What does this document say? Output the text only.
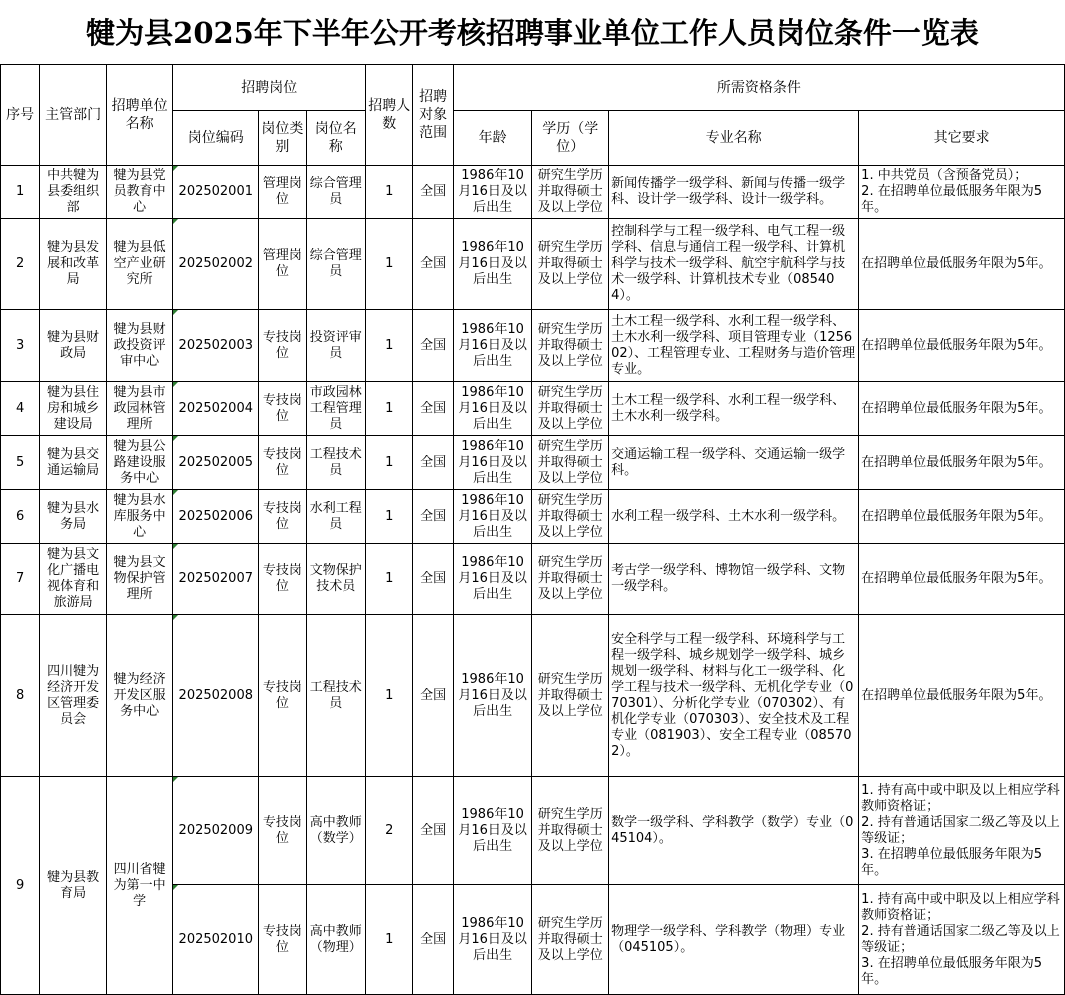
犍为县2025年下半年公开考核招聘事业单位工作人员岗位条件一览表
序号	主管部门	招聘单位名称	招聘岗位			招聘人数	招聘对象范围	所需资格条件			
			岗位编码	岗位类别	岗位名称			年龄	学历（学位）	专业名称	其它要求

1	中共犍为县委组织部	犍为县党员教育中心	202502001	管理岗位	综合管理员	1	全国	1986年10月16日及以后出生	研究生学历并取得硕士及以上学位	新闻传播学一级学科、新闻与传播一级学科、设计学一级学科、设计一级学科。	1. 中共党员（含预备党员）；
2. 在招聘单位最低服务年限为5年。

2	犍为县发展和改革局	犍为县低空产业研究所	202502002	管理岗位	综合管理员	1	全国	1986年10月16日及以后出生	研究生学历并取得硕士及以上学位	控制科学与工程一级学科、电气工程一级学科、信息与通信工程一级学科、计算机科学与技术一级学科、航空宇航科学与技术一级学科、计算机技术专业（085404）。	在招聘单位最低服务年限为5年。

3	犍为县财政局	犍为县财政投资评审中心	202502003	专技岗位	投资评审员	1	全国	1986年10月16日及以后出生	研究生学历并取得硕士及以上学位	土木工程一级学科、水利工程一级学科、土木水利一级学科、项目管理专业（125602）、工程管理专业、工程财务与造价管理专业。	在招聘单位最低服务年限为5年。

4	犍为县住房和城乡建设局	犍为县市政园林管理所	202502004	专技岗位	市政园林工程管理员	1	全国	1986年10月16日及以后出生	研究生学历并取得硕士及以上学位	土木工程一级学科、水利工程一级学科、土木水利一级学科。	在招聘单位最低服务年限为5年。

5	犍为县交通运输局	犍为县公路建设服务中心	202502005	专技岗位	工程技术员	1	全国	1986年10月16日及以后出生	研究生学历并取得硕士及以上学位	交通运输工程一级学科、交通运输一级学科。	在招聘单位最低服务年限为5年。

6	犍为县水务局	犍为县水库服务中心	202502006	专技岗位	水利工程员	1	全国	1986年10月16日及以后出生	研究生学历并取得硕士及以上学位	水利工程一级学科、土木水利一级学科。	在招聘单位最低服务年限为5年。

7	犍为县文化广播电视体育和旅游局	犍为县文物保护管理所	202502007	专技岗位	文物保护技术员	1	全国	1986年10月16日及以后出生	研究生学历并取得硕士及以上学位	考古学一级学科、博物馆一级学科、文物一级学科。	在招聘单位最低服务年限为5年。

8	四川犍为经济开发区管理委员会	犍为经济开发区服务中心	202502008	专技岗位	工程技术员	1	全国	1986年10月16日及以后出生	研究生学历并取得硕士及以上学位	安全科学与工程一级学科、环境科学与工程一级学科、城乡规划学一级学科、城乡规划一级学科、材料与化工一级学科、化学工程与技术一级学科、无机化学专业（070301）、分析化学专业（070302）、有机化学专业（070303）、安全技术及工程专业（081903）、安全工程专业（085702）。	在招聘单位最低服务年限为5年。

9	犍为县教育局	四川省犍为第一中学	202502009	专技岗位	高中教师（数学）	2	全国	1986年10月16日及以后出生	研究生学历并取得硕士及以上学位	数学一级学科、学科教学（数学）专业（045104）。	1. 持有高中或中职及以上相应学科教师资格证；
2. 持有普通话国家二级乙等及以上等级证；
3. 在招聘单位最低服务年限为5年。

			202502010	专技岗位	高中教师（物理）	1	全国	1986年10月16日及以后出生	研究生学历并取得硕士及以上学位	物理学一级学科、学科教学（物理）专业（045105）。	1. 持有高中或中职及以上相应学科教师资格证；
2. 持有普通话国家二级乙等及以上等级证；
3. 在招聘单位最低服务年限为5年。
